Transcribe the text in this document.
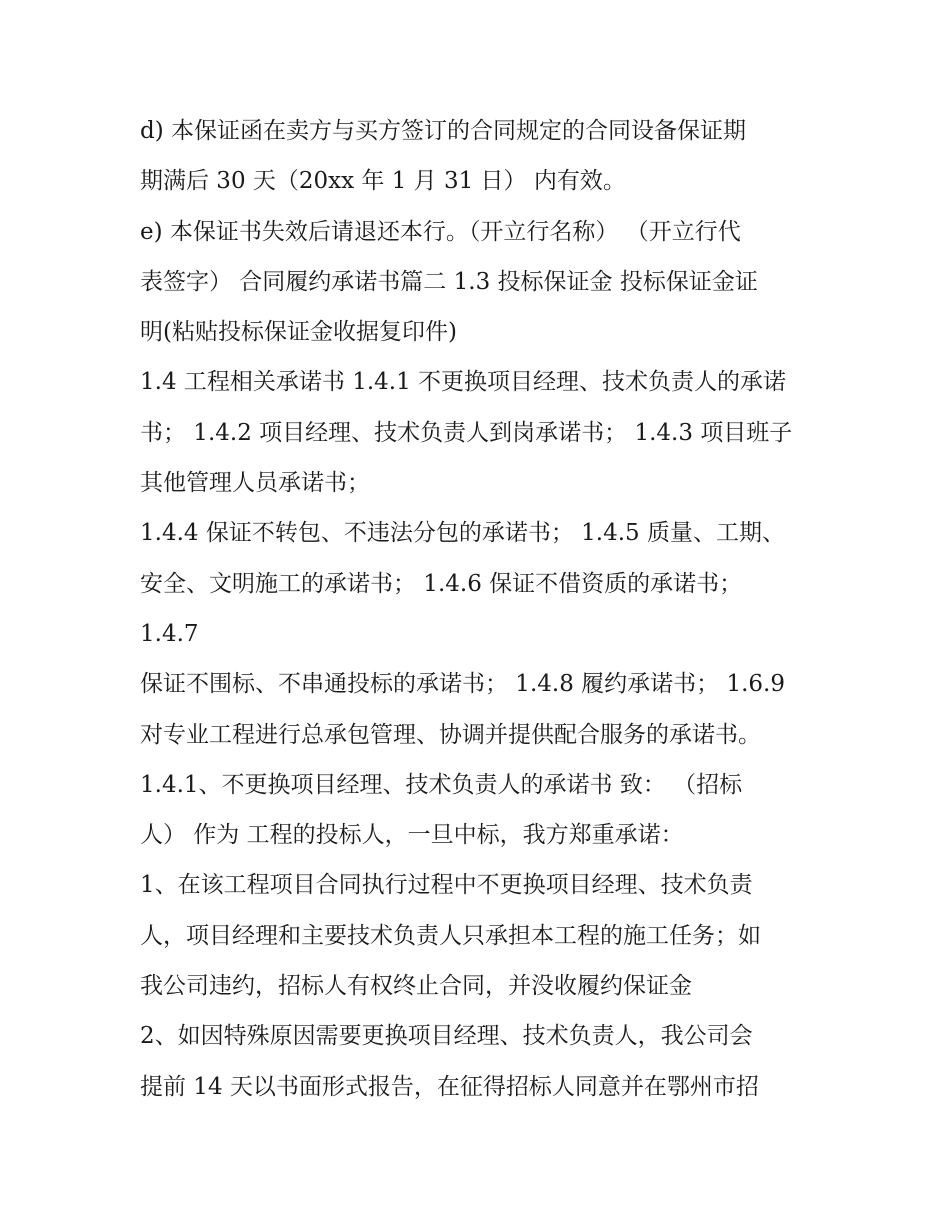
d) 本保证函在卖方与买方签订的合同规定的合同设备保证期
期满后 30 天（20xx 年 1 月 31 日） 内有效。
e) 本保证书失效后请退还本行。（开立行名称） （开立行代
表签字） 合同履约承诺书篇二 1.3 投标保证金 投标保证金证
明(粘贴投标保证金收据复印件)
1.4 工程相关承诺书 1.4.1 不更换项目经理、技术负责人的承诺
书； 1.4.2 项目经理、技术负责人到岗承诺书； 1.4.3 项目班子
其他管理人员承诺书；
1.4.4 保证不转包、不违法分包的承诺书； 1.4.5 质量、工期、
安全、文明施工的承诺书； 1.4.6 保证不借资质的承诺书；
1.4.7
保证不围标、不串通投标的承诺书； 1.4.8 履约承诺书； 1.6.9
对专业工程进行总承包管理、协调并提供配合服务的承诺书。
1.4.1、不更换项目经理、技术负责人的承诺书 致： （招标
人） 作为 工程的投标人，一旦中标，我方郑重承诺：
1、在该工程项目合同执行过程中不更换项目经理、技术负责
人，项目经理和主要技术负责人只承担本工程的施工任务；如
我公司违约，招标人有权终止合同，并没收履约保证金
2、如因特殊原因需要更换项目经理、技术负责人，我公司会
提前 14 天以书面形式报告，在征得招标人同意并在鄂州市招
